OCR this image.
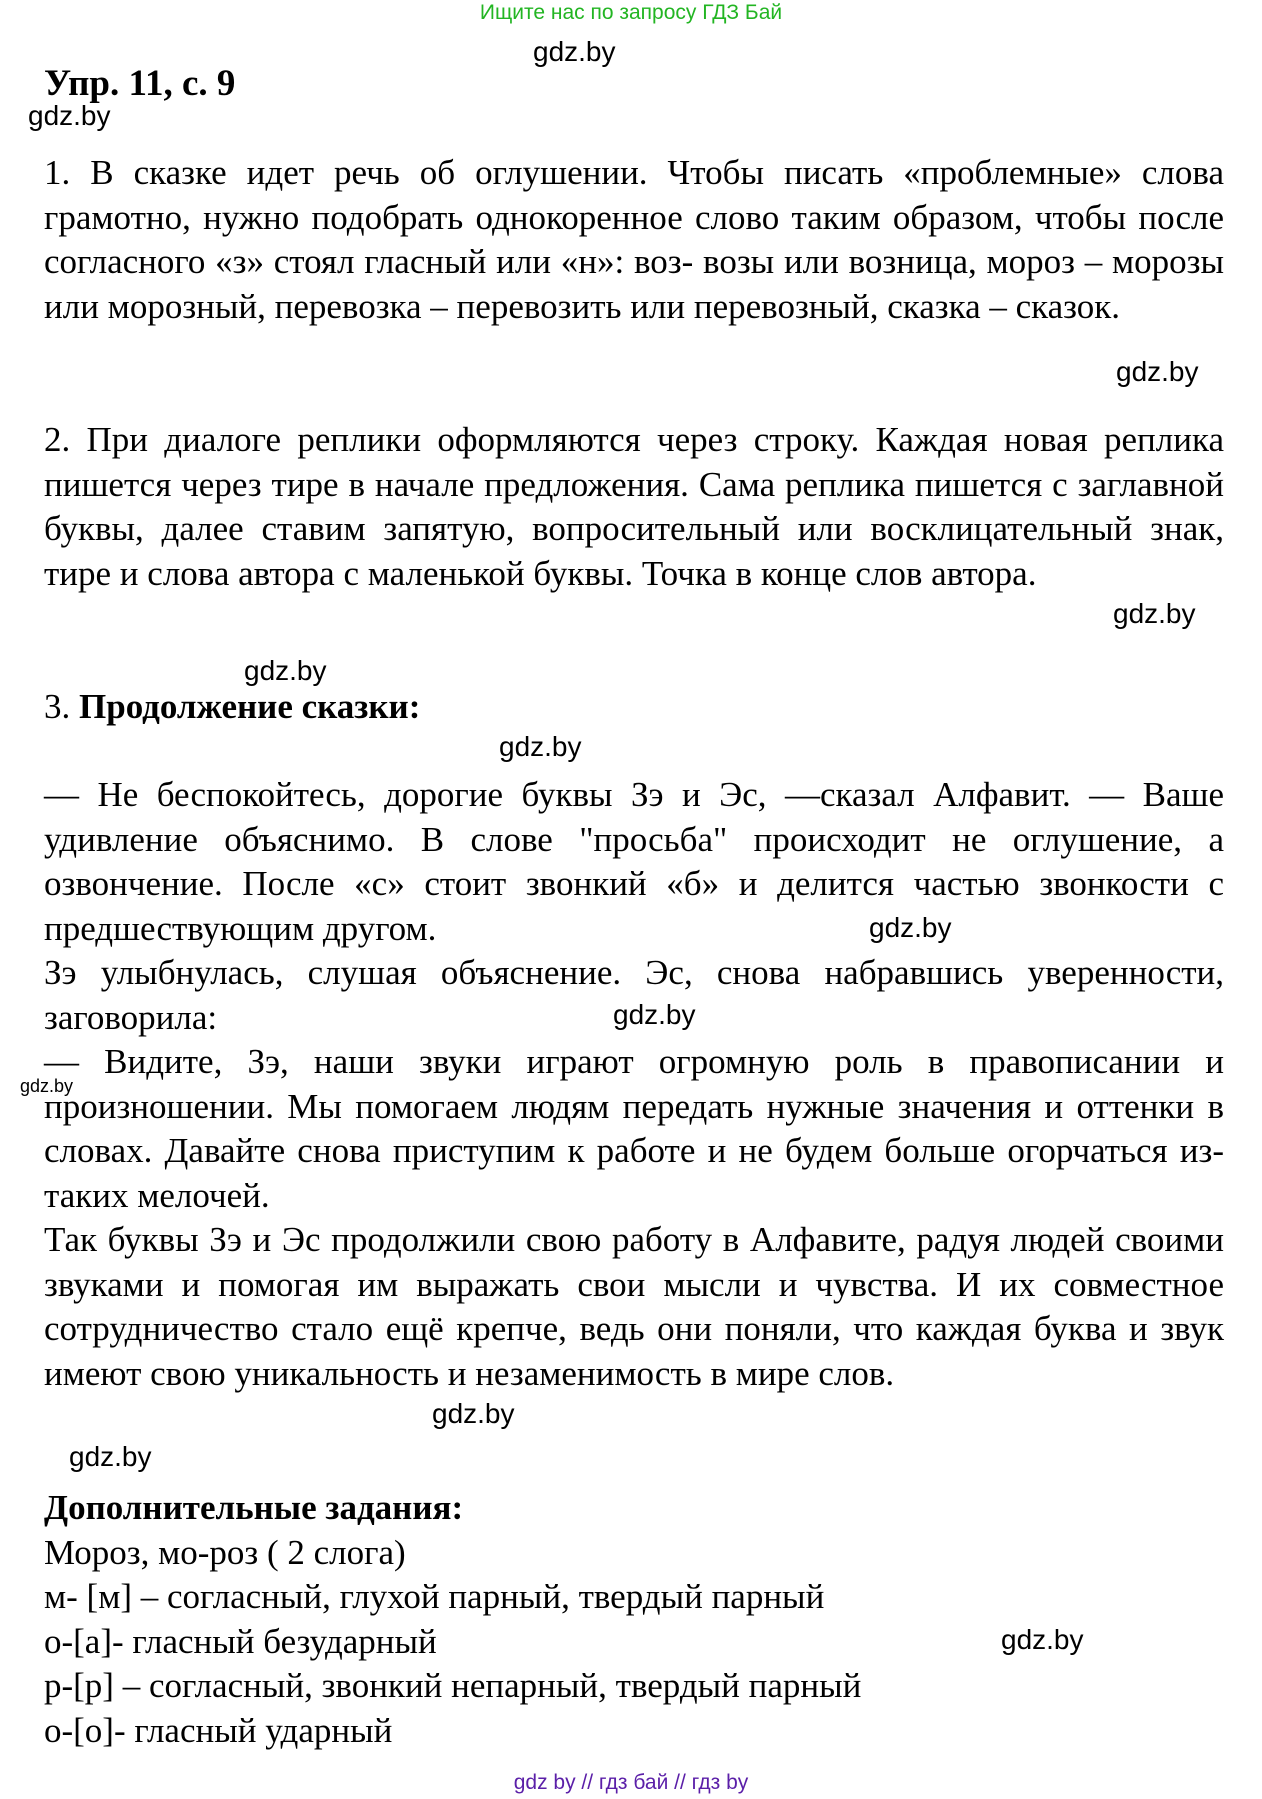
Ищите нас по запросу ГДЗ Бай
gdz.by
Упр. 11, с. 9
gdz.by

1. В сказке идет речь об оглушении. Чтобы писать «проблемные» слова грамотно, нужно подобрать однокоренное слово таким образом, чтобы после согласного «з» стоял гласный или «н»: воз- возы или возница, мороз – морозы или морозный, перевозка – перевозить или перевозный, сказка – сказок.

gdz.by

2. При диалоге реплики оформляются через строку. Каждая новая реплика пишется через тире в начале предложения. Сама реплика пишется с заглавной буквы, далее ставим запятую, вопросительный или восклицательный знак, тире и слова автора с маленькой буквы. Точка в конце слов автора.

gdz.by
gdz.by
3. Продолжение сказки:
gdz.by

— Не беспокойтесь, дорогие буквы Зэ и Эс, —сказал Алфавит. — Ваше удивление объяснимо. В слове "просьба" происходит не оглушение, а озвончение. После «с» стоит звонкий «б» и делится частью звонкости с предшествующим другом.	gdz.by

Зэ улыбнулась, слушая объяснение. Эс, снова набравшись уверенности, заговорила:	gdz.by

— Видите, Зэ, наши звуки играют огромную роль в правописании и произношении. Мы помогаем людям передать нужные значения и оттенки в словах. Давайте снова приступим к работе и не будем больше огорчаться из-таких мелочей.

gdz.by

Так буквы Зэ и Эс продолжили свою работу в Алфавите, радуя людей своими звуками и помогая им выражать свои мысли и чувства. И их совместное сотрудничество стало ещё крепче, ведь они поняли, что каждая буква и звук имеют свою уникальность и незаменимость в мире слов.

gdz.by
gdz.by
Дополнительные задания:
Мороз, мо-роз ( 2 слога)
м- [м] – согласный, глухой парный, твердый парный
о-[а]- гласный безударный	gdz.by
р-[р] – согласный, звонкий непарный, твердый парный
о-[о]- гласный ударный
gdz by // гдз бай // гдз by
